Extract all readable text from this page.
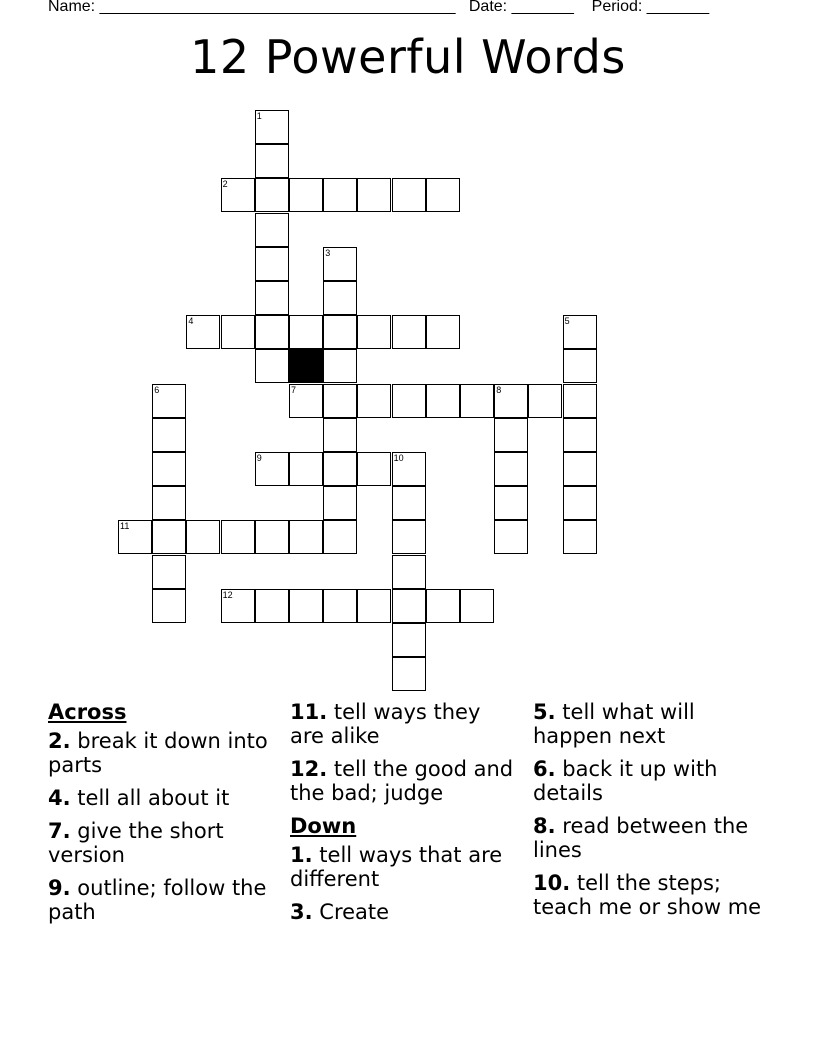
Name: ________________________________________ Date: _______ Period: _______
12 Powerful Words
2
4
7	8
9	10
11
12
1
3
5
6
Across
2. break it down into parts
4. tell all about it
7. give the short version
9. outline; follow the path
11. tell ways they are alike
12. tell the good and the bad; judge
Down
1. tell ways that are different
3. Create
5. tell what will happen next
6. back it up with details
8. read between the lines
10. tell the steps; teach me or show me
